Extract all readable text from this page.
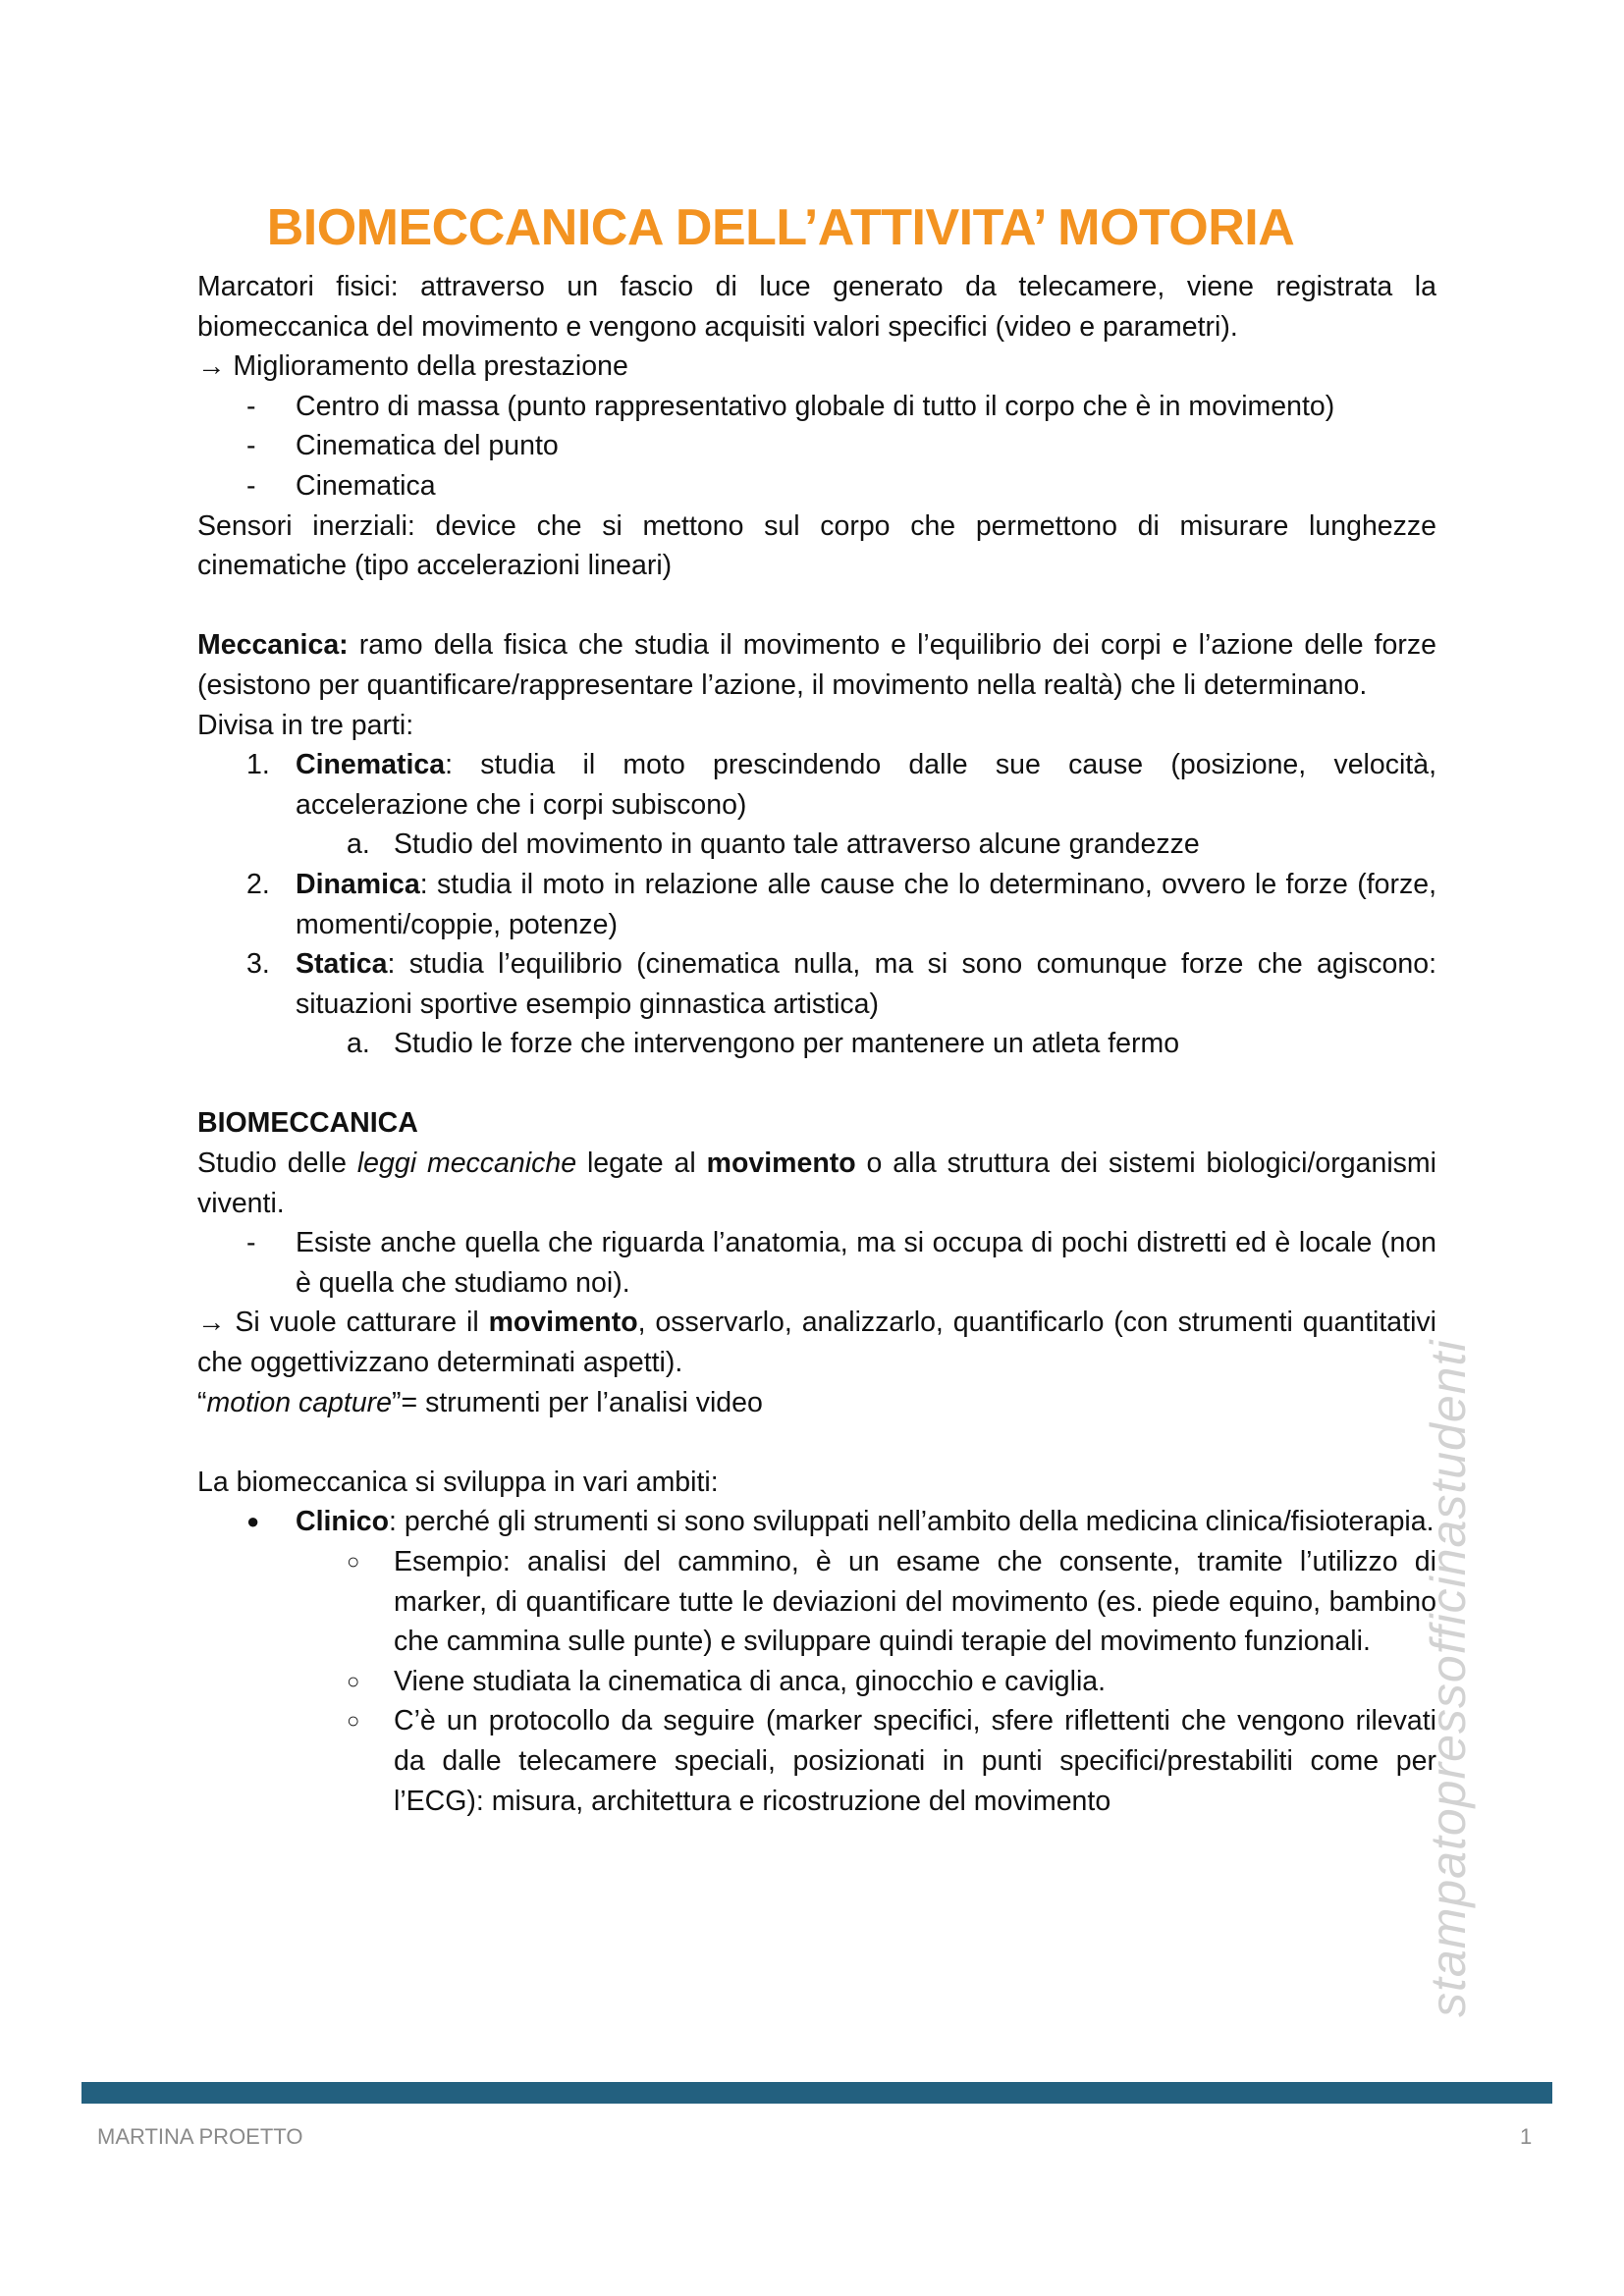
BIOMECCANICA DELL’ATTIVITA’ MOTORIA

Marcatori fisici: attraverso un fascio di luce generato da telecamere, viene registrata la biomeccanica del movimento e vengono acquisiti valori specifici (video e parametri).

→ Miglioramento della prestazione

- Centro di massa (punto rappresentativo globale di tutto il corpo che è in movimento)
- Cinematica del punto
- Cinematica

Sensori inerziali: device che si mettono sul corpo che permettono di misurare lunghezze cinematiche (tipo accelerazioni lineari)

Meccanica: ramo della fisica che studia il movimento e l’equilibrio dei corpi e l’azione delle forze (esistono per quantificare/rappresentare l’azione, il movimento nella realtà) che li determinano.

Divisa in tre parti:

1. Cinematica: studia il moto prescindendo dalle sue cause (posizione, velocità, accelerazione che i corpi subiscono)
a. Studio del movimento in quanto tale attraverso alcune grandezze
2. Dinamica: studia il moto in relazione alle cause che lo determinano, ovvero le forze (forze, momenti/coppie, potenze)
3. Statica: studia l’equilibrio (cinematica nulla, ma si sono comunque forze che agiscono: situazioni sportive esempio ginnastica artistica)
a. Studio le forze che intervengono per mantenere un atleta fermo

BIOMECCANICA

Studio delle leggi meccaniche legate al movimento o alla struttura dei sistemi biologici/organismi viventi.

- Esiste anche quella che riguarda l’anatomia, ma si occupa di pochi distretti ed è locale (non è quella che studiamo noi).

→ Si vuole catturare il movimento, osservarlo, analizzarlo, quantificarlo (con strumenti quantitativi che oggettivizzano determinati aspetti).

“motion capture”= strumenti per l’analisi video

La biomeccanica si sviluppa in vari ambiti:

● Clinico: perché gli strumenti si sono sviluppati nell’ambito della medicina clinica/fisioterapia.
○ Esempio: analisi del cammino, è un esame che consente, tramite l’utilizzo di marker, di quantificare tutte le deviazioni del movimento (es. piede equino, bambino che cammina sulle punte) e sviluppare quindi terapie del movimento funzionali.
○ Viene studiata la cinematica di anca, ginocchio e caviglia.
○ C’è un protocollo da seguire (marker specifici, sfere riflettenti che vengono rilevati da dalle telecamere speciali, posizionati in punti specifici/prestabiliti come per l’ECG): misura, architettura e ricostruzione del movimento	stampatopressofficinastudenti
MARTINA PROETTO	1
